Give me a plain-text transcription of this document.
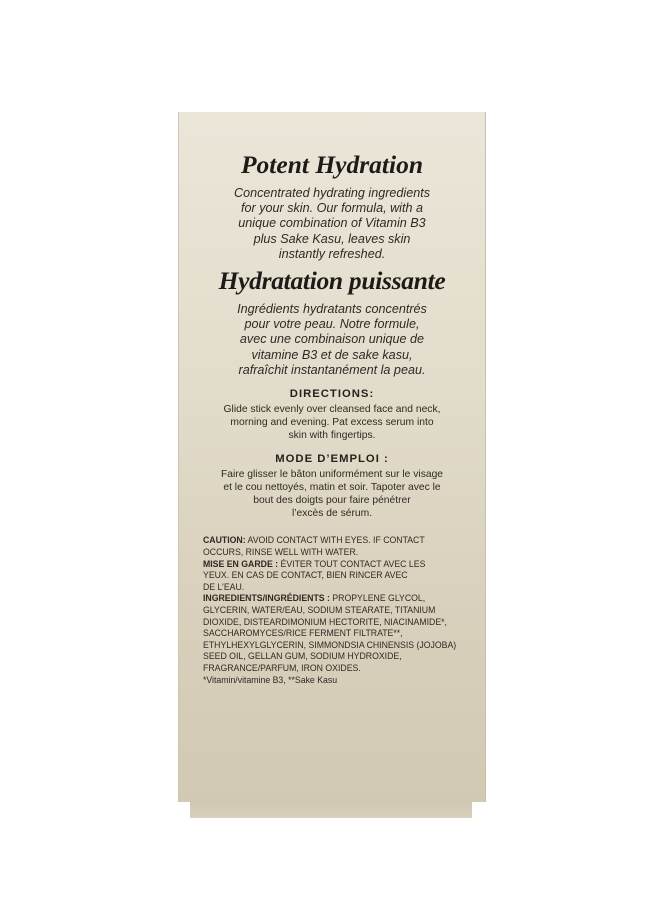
Potent Hydration
Concentrated hydrating ingredients
for your skin. Our formula, with a
unique combination of Vitamin B3
plus Sake Kasu, leaves skin
instantly refreshed.
Hydratation puissante
Ingrédients hydratants concentrés
pour votre peau. Notre formule,
avec une combinaison unique de
vitamine B3 et de sake kasu,
rafraîchit instantanément la peau.
DIRECTIONS:
Glide stick evenly over cleansed face and neck,
morning and evening. Pat excess serum into
skin with fingertips.
MODE D’EMPLOI :
Faire glisser le bâton uniformément sur le visage
et le cou nettoyés, matin et soir. Tapoter avec le
bout des doigts pour faire pénétrer
l’excès de sérum.
CAUTION: AVOID CONTACT WITH EYES. IF CONTACT
OCCURS, RINSE WELL WITH WATER.
MISE EN GARDE : ÉVITER TOUT CONTACT AVEC LES
YEUX. EN CAS DE CONTACT, BIEN RINCER AVEC
DE L’EAU.
INGREDIENTS/INGRÉDIENTS : PROPYLENE GLYCOL,
GLYCERIN, WATER/EAU, SODIUM STEARATE, TITANIUM
DIOXIDE, DISTEARDIMONIUM HECTORITE, NIACINAMIDE*,
SACCHAROMYCES/RICE FERMENT FILTRATE**,
ETHYLHEXYLGLYCERIN, SIMMONDSIA CHINENSIS (JOJOBA)
SEED OIL, GELLAN GUM, SODIUM HYDROXIDE,
FRAGRANCE/PARFUM, IRON OXIDES.
*Vitamin/vitamine B3, **Sake Kasu
